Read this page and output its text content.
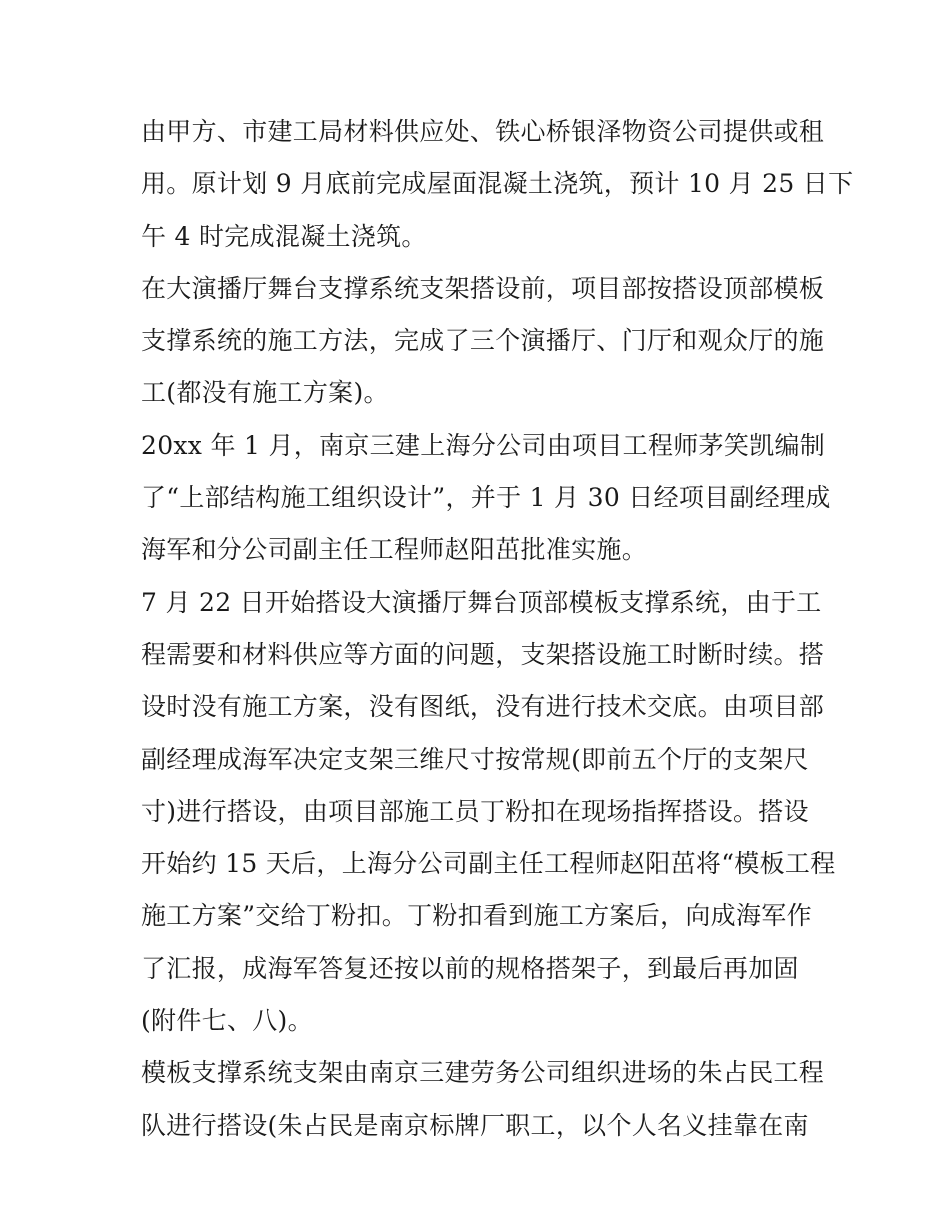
由甲方、市建工局材料供应处、铁心桥银泽物资公司提供或租
用。原计划 9 月底前完成屋面混凝土浇筑，预计 10 月 25 日下
午 4 时完成混凝土浇筑。
在大演播厅舞台支撑系统支架搭设前，项目部按搭设顶部模板
支撑系统的施工方法，完成了三个演播厅、门厅和观众厅的施
工(都没有施工方案)。
20xx 年 1 月，南京三建上海分公司由项目工程师茅笑凯编制
了“上部结构施工组织设计”，并于 1 月 30 日经项目副经理成
海军和分公司副主任工程师赵阳茁批准实施。
7 月 22 日开始搭设大演播厅舞台顶部模板支撑系统，由于工
程需要和材料供应等方面的问题，支架搭设施工时断时续。搭
设时没有施工方案，没有图纸，没有进行技术交底。由项目部
副经理成海军决定支架三维尺寸按常规(即前五个厅的支架尺
寸)进行搭设，由项目部施工员丁粉扣在现场指挥搭设。搭设
开始约 15 天后，上海分公司副主任工程师赵阳茁将“模板工程
施工方案”交给丁粉扣。丁粉扣看到施工方案后，向成海军作
了汇报，成海军答复还按以前的规格搭架子，到最后再加固
(附件七、八)。
模板支撑系统支架由南京三建劳务公司组织进场的朱占民工程
队进行搭设(朱占民是南京标牌厂职工，以个人名义挂靠在南
